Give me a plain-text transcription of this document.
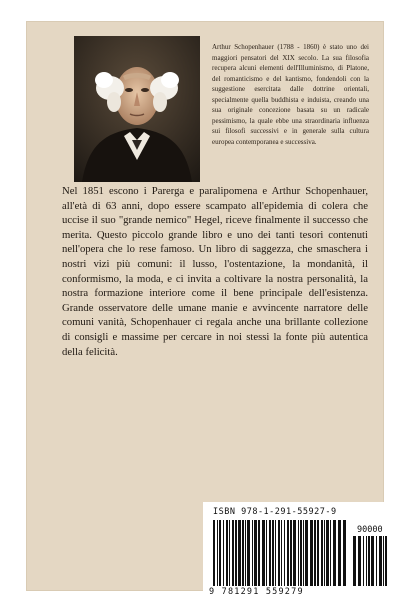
Arthur Schopenhauer (1788 - 1860) è stato uno dei maggiori pensatori del XIX secolo. La sua filosofia recupera alcuni elementi dell'Illuminismo, di Platone, del romanticismo e del kantismo, fondendoli con la suggestione esercitata dalle dottrine orientali, specialmente quella buddhista e induista, creando una sua originale concezione basata su un radicale pessimismo, la quale ebbe una straordinaria influenza sui filosofi successivi e in generale sulla cultura europea contemporanea e successiva.

Nel 1851 escono i Parerga e paralipomena e Arthur Schopenhauer, all'età di 63 anni, dopo essere scampato all'epidemia di colera che uccise il suo "grande nemico" Hegel, riceve finalmente il successo che merita. Questo piccolo grande libro e uno dei tanti tesori contenuti nell'opera che lo rese famoso. Un libro di saggezza, che smaschera i nostri vizi più comuni: il lusso, l'ostentazione, la mondanità, il conformismo, la moda, e ci invita a coltivare la nostra personalità, la nostra formazione interiore come il bene principale dell'esistenza. Grande osservatore delle umane manie e avvincente narratore delle comuni vanità, Schopenhauer ci regala anche una brillante collezione di consigli e massime per cercare in noi stessi la fonte più autentica della felicità.

ISBN 978-1-291-55927-9
90000
9 781291 559279
